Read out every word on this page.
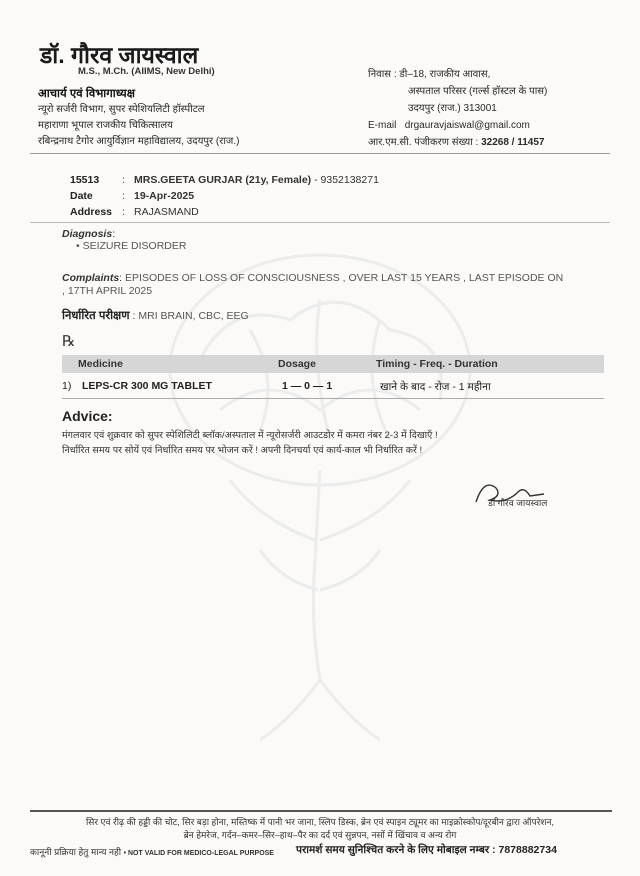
डॉ. गौरव जायस्वाल
M.S., M.Ch. (AIIMS, New Delhi)
आचार्य एवं विभागाध्यक्ष
न्यूरो सर्जरी विभाग, सुपर स्पेशियलिटी हॉस्पीटल
महाराणा भूपाल राजकीय चिकित्सालय
रबिन्द्रनाथ टैगोर आयुर्विज्ञान महाविद्यालय, उदयपुर (राज.)
निवास : डी–18, राजकीय आवास,
अस्पताल परिसर (गर्ल्स हॉस्टल के पास)
उदयपुर (राज.) 313001
E-mail drgauravjaiswal@gmail.com
आर.एम.सी. पंजीकरण संख्या : 32268 / 11457
15513	: MRS.GEETA GURJAR (21y, Female) - 9352138271
Date	: 19-Apr-2025
Address : RAJASMAND
Diagnosis:
• SEIZURE DISORDER
Complaints: EPISODES OF LOSS OF CONSCIOUSNESS , OVER LAST 15 YEARS , LAST EPISODE ON
, 17TH APRIL 2025
निर्धारित परीक्षण : MRI BRAIN, CBC, EEG
℞
Medicine	Dosage	Timing - Freq. - Duration
1) LEPS-CR 300 MG TABLET	1 — 0 — 1	खाने के बाद - रोज - 1 महीना
Advice:
मंगलवार एवं शुक्रवार को सुपर स्पेशिलिटी ब्लॉक/अस्पताल में न्यूरोसर्जरी आउटडोर में कमरा नंबर 2-3 में दिखाएँ !
निर्धारित समय पर सोयें एवं निर्धारित समय पर भोजन करें ! अपनी दिनचर्या एवं कार्य-काल भी निर्धारित करें !
डॉ गौरव जायस्वाल
सिर एवं रीढ़ की हड्डी की चोट, सिर बड़ा होना, मस्तिष्क में पानी भर जाना, स्लिप डिस्क, ब्रेन एवं स्पाइन ट्यूमर का माइक्रोस्कोप/दूरबीन द्वारा ऑपरेशन,
ब्रेन हेमरेज, गर्दन–कमर–सिर–हाथ–पैर का दर्द एवं सुन्नपन, नसों में खिंचाव व अन्य रोग
कानूनी प्रक्रिया हेतु मान्य नही • NOT VALID FOR MEDICO-LEGAL PURPOSE परामर्श समय सुनिश्चित करने के लिए मोबाइल नम्बर : 7878882734
